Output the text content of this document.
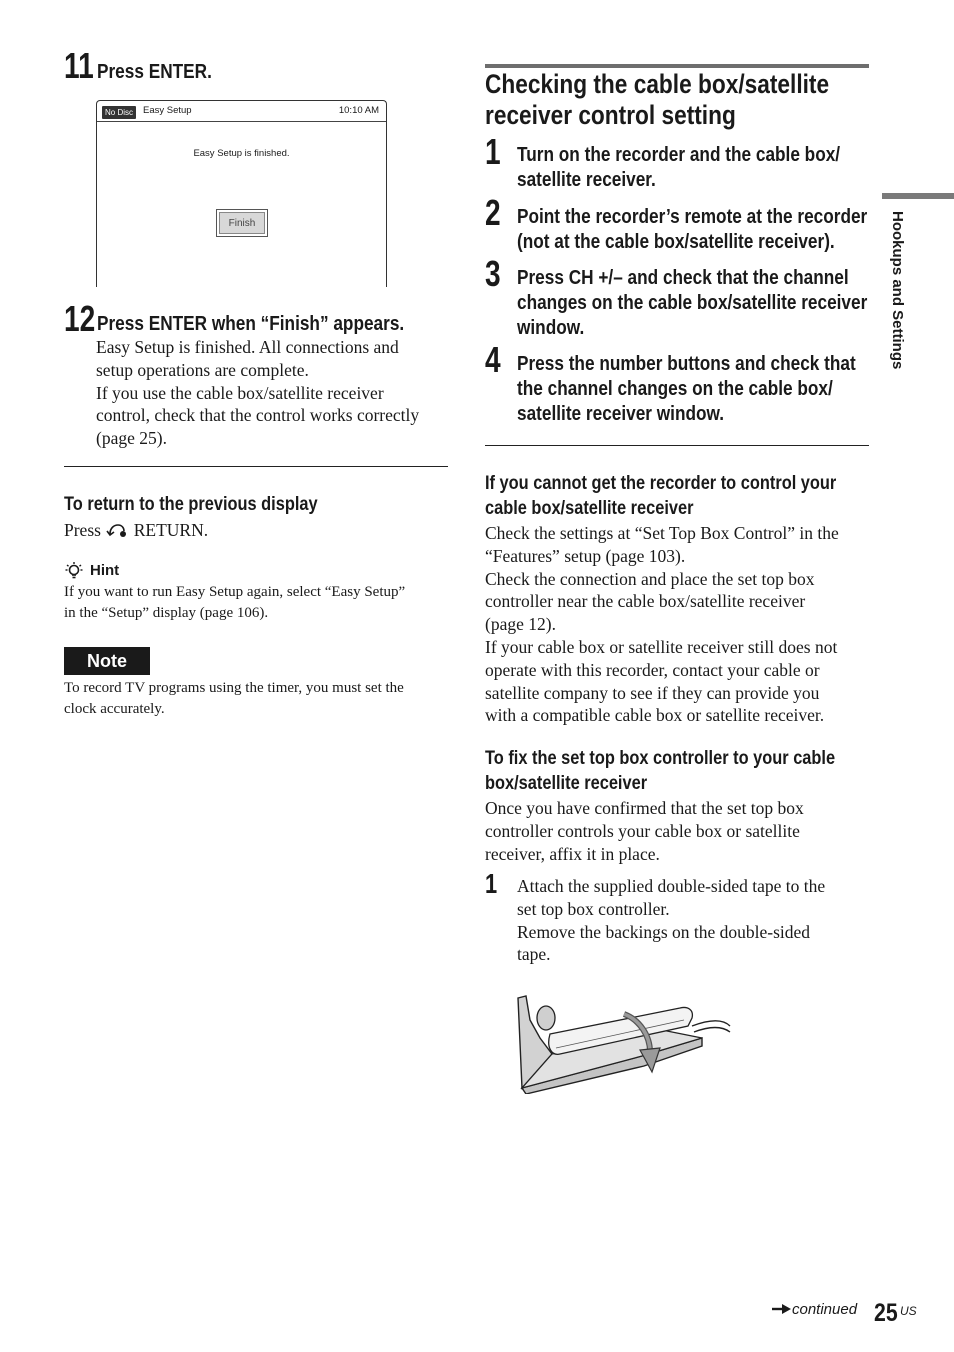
11 Press ENTER.
No Disc	Easy Setup	10:10 AM
Easy Setup is finished.
Finish
12 Press ENTER when “Finish” appears.
Easy Setup is finished. All connections and
setup operations are complete.
If you use the cable box/satellite receiver
control, check that the control works correctly
(page 25).
To return to the previous display
Press RETURN.
Hint
If you want to run Easy Setup again, select “Easy Setup”
in the “Setup” display (page 106).
Note
To record TV programs using the timer, you must set the
clock accurately.
Checking the cable box/satellite
receiver control setting
1 Turn on the recorder and the cable box/
satellite receiver.
2 Point the recorder’s remote at the recorder
(not at the cable box/satellite receiver).
3 Press CH +/– and check that the channel
changes on the cable box/satellite receiver
window.
4 Press the number buttons and check that
the channel changes on the cable box/
satellite receiver window.
If you cannot get the recorder to control your
cable box/satellite receiver
Check the settings at “Set Top Box Control” in the
“Features” setup (page 103).
Check the connection and place the set top box
controller near the cable box/satellite receiver
(page 12).
If your cable box or satellite receiver still does not
operate with this recorder, contact your cable or
satellite company to see if they can provide you
with a compatible cable box or satellite receiver.
To fix the set top box controller to your cable
box/satellite receiver
Once you have confirmed that the set top box
controller controls your cable box or satellite
receiver, affix it in place.
1 Attach the supplied double-sided tape to the
set top box controller.
Remove the backings on the double-sided
tape.
Hookups and Settings
continued 25 US
